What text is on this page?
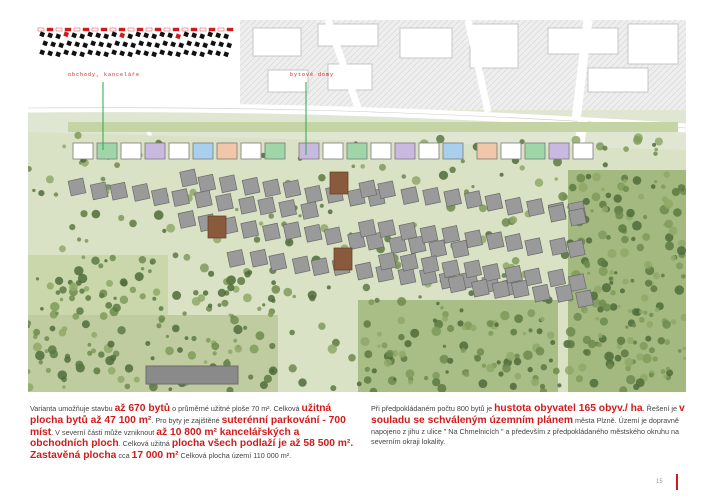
obchody, kanceláře	bytové domy
Varianta umožňuje stavbu až 670 bytů o průměrné užitné ploše 70 m². Celková užitná plocha bytů až 47 100 m². Pro byty je zajištěné suterénní parkování - 700 míst. V severní části může vzniknout až 10 800 m² kancelářských a obchodních ploch. Celková užitná plocha všech podlaží je až 58 500 m². Zastavěná plocha cca 17 000 m² Celková plocha území 110 000 m².
Při předpokládaném počtu 800 bytů je hustota obyvatel 165 obyv./ ha. Řešení je v souladu se schváleným územním plánem města Plzně. Území je dopravně napojeno z jihu z ulice " Na Chmelnicích " a především z předpokládaného městského okruhu na severním okraji lokality.
15
